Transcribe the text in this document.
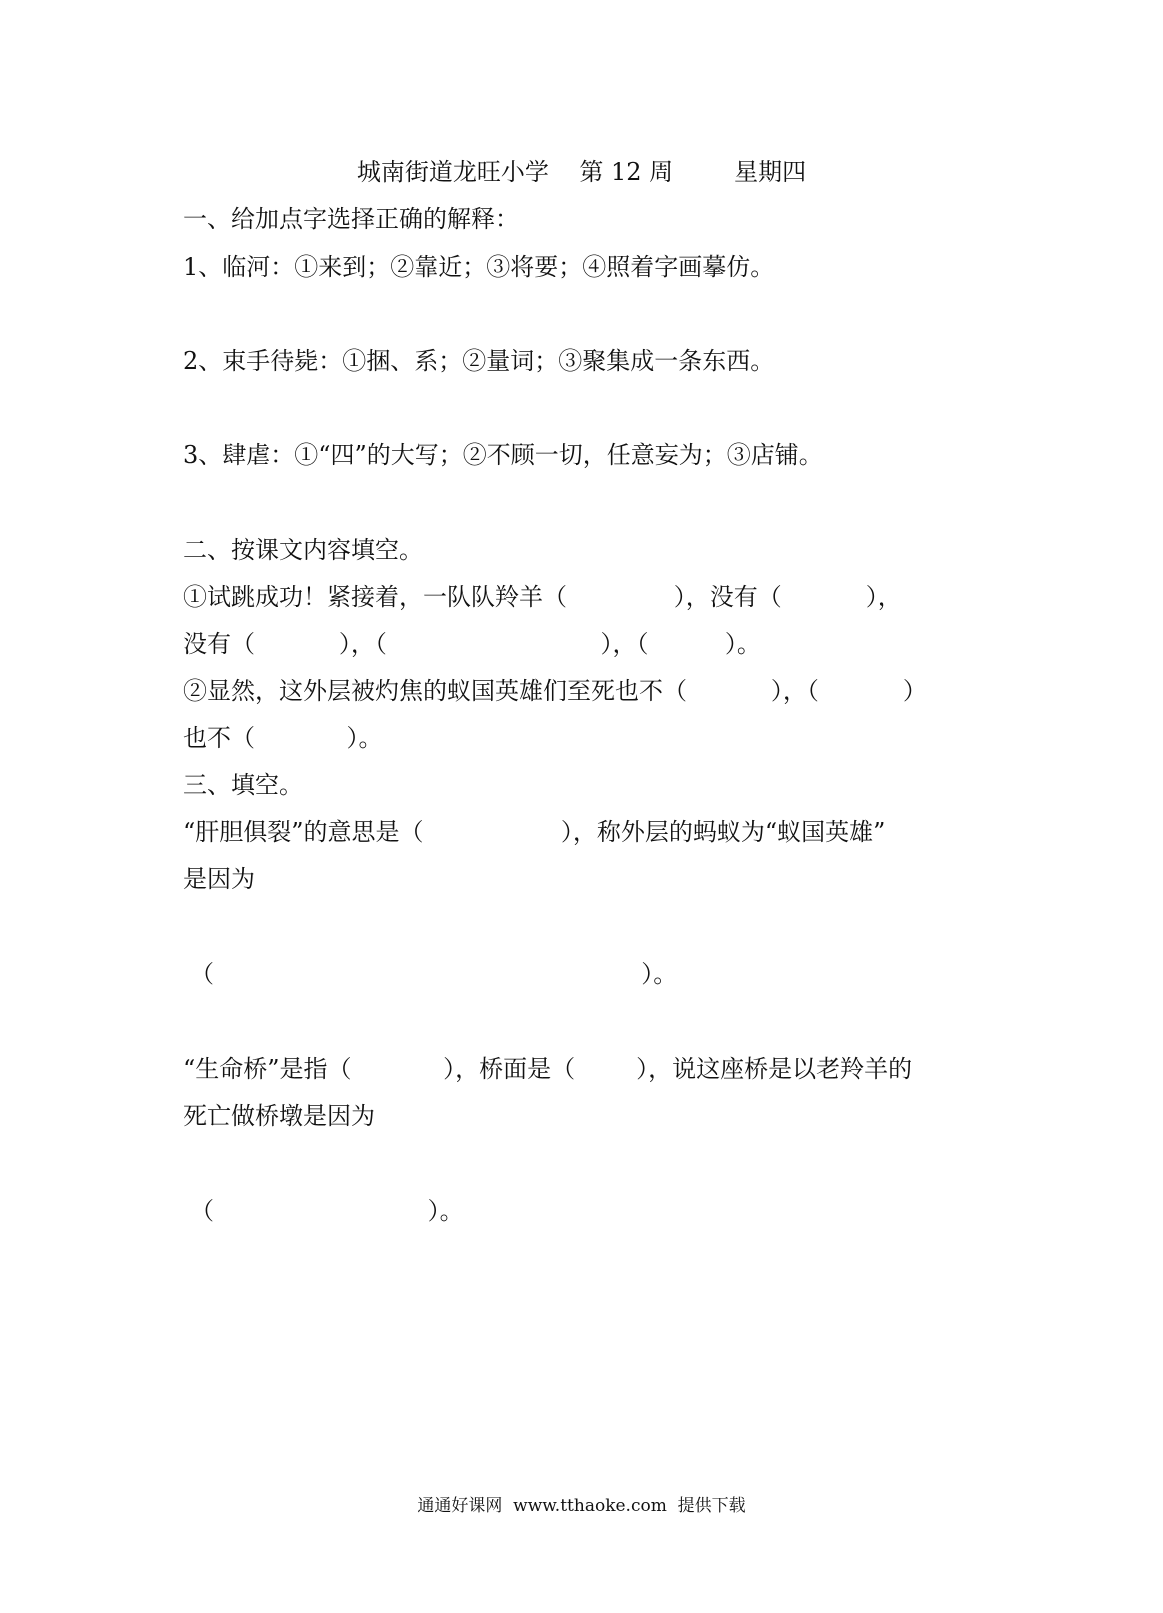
城南街道龙旺小学    第 12 周        星期四
一、给加点字选择正确的解释：
1、临河：①来到；②靠近；③将要；④照着字画摹仿。
2、束手待毙：①捆、系；②量词；③聚集成一条东西。
3、肆虐：①“四”的大写；②不顾一切，任意妄为；③店铺。
二、按课文内容填空。
①试跳成功！紧接着，一队队羚羊（              ），没有（           ），
没有（           ），（                            ），（          ）。
②显然，这外层被灼焦的蚁国英雄们至死也不（           ），（           ）
也不（            ）。
三、填空。
“肝胆俱裂”的意思是（                  ），称外层的蚂蚁为“蚁国英雄”
是因为
（                                                        ）。
“生命桥”是指（            ），桥面是（        ），说这座桥是以老羚羊的
死亡做桥墩是因为
（                            ）。
通通好课网  www.tthaoke.com  提供下载
